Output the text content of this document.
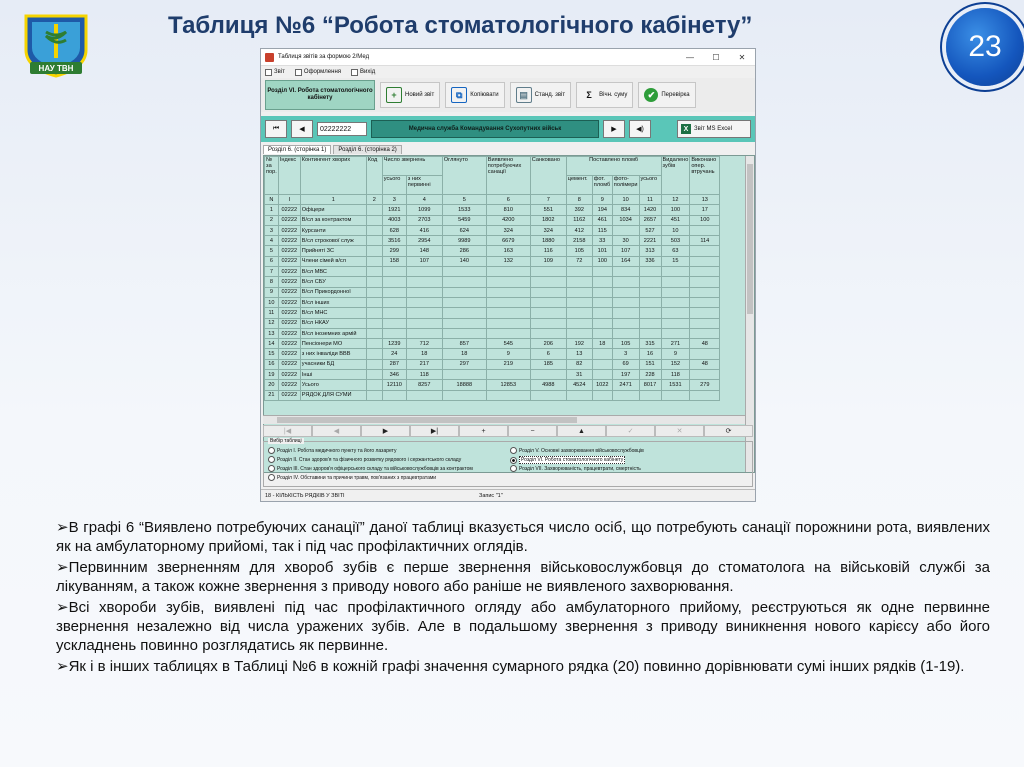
НАУ ТВН
Таблиця №6 “Робота стоматологічного кабінету”
23
Таблиця звітів за формою 2/Мед	—	☐	✕
Звіт	Оформлення	Вихід
Розділ VI. Робота стоматологічного кабінету	+	Новий звіт	⧉	Копіювати	▤	Станд. звіт	Σ	Вічн. суму	✔	Перевірка
⏮	◀	02222222	Медична служба Командування Сухопутних військ	▶	◀)	X Звіт MS Excel
Розділ 6. (сторінка 1)	Розділ 6. (сторінка 2)
№ за пор.	Індекс	Контингент хворих	Код	Число звернень		Оглянуто	Виявлено потребуючих санації	Санковано	Поставлено пломб				Видалено зубів	Виконано опер. втручань
				усього	з них первинні				цемент.	фот. пломб	фото-полімери	усього		
N	I	1	2	3	4	5	6	7	8	9	10	11	12	13
1	02222	Офіцери		1921	1099	1533	810	551	392	194	834	1420	100	17
2	02222	В/сл за контрактом		4003	2703	5459	4200	1802	1162	461	1034	2657	451	100
3	02222	Курсанти		628	416	624	324	324	412	115		527	10	
4	02222	В/сл строкової служ		3516	2954	9989	6679	1880	2158	33	30	2221	503	114
5	02222	Прийняті ЗС		299	148	286	163	116	105	101	107	313	63	
6	02222	Члени сімей в/сл		158	107	140	132	109	72	100	164	336	15	
7	02222	В/сл МВС												
8	02222	В/сл СБУ												
9	02222	В/сл Прикордонної												
10	02222	В/сл інших												
11	02222	В/сл МНС												
12	02222	В/сл НКАУ												
13	02222	В/сл іноземних армій												
14	02222	Пенсіонери МО		1239	712	857	545	206	192	18	105	315	271	48
15	02222	з них інваліди ВВВ		24	18	18	9	6	13		3	16	9	
16	02222	учасники БД		287	217	297	219	185	82		69	151	152	48
19	02222	Інші		346	118				31		197	228	118	
20	02222	Усього		12110	8257	18888	12853	4988	4524	1022	2471	8017	1531	279
21	02222	РЯДОК ДЛЯ СУМИ												
|◀	◀	▶	▶|	+	−	▲	✓	✕	⟳
Вибір таблиці
Розділ І. Робота медичного пункту та його лазарету
Розділ ІІ. Стан здоров'я та фізичного розвитку рядового і сержантського складу
Розділ ІІІ. Стан здоров'я офіцерського складу та військовослужбовців за контрактом
Розділ ІV. Обставини та причини травм, пов'язаних з працевтратами
Розділ V. Основні захворювання військовослужбовців
Розділ VІ. Робота стоматологічного кабінету
Розділ VІІ. Захворюваність, працевтрати, смертність
18 - КІЛЬКІСТЬ РЯДКІВ У ЗВІТІ	Запис "1"

➢В графі 6 “Виявлено потребуючих санації” даної таблиці вказується число осіб, що потребують санації порожнини рота, виявлених як на амбулаторному прийомі, так і під час профілактичних оглядів.

➢Первинним зверненням для хвороб зубів є перше звернення військовослужбовця до стоматолога на військовій службі за лікуванням, а також кожне звернення з приводу нового або раніше не виявленого захворювання.

➢Всі хвороби зубів, виявлені під час профілактичного огляду або амбулаторного прийому, реєструються як одне первинне звернення незалежно від числа уражених зубів. Але в подальшому звернення з приводу виникнення нового карієсу або його ускладнень повинно розглядатись як первинне.

➢Як і в інших таблицях в Таблиці №6 в кожній графі значення сумарного рядка (20) повинно дорівнювати сумі інших рядків (1-19).
